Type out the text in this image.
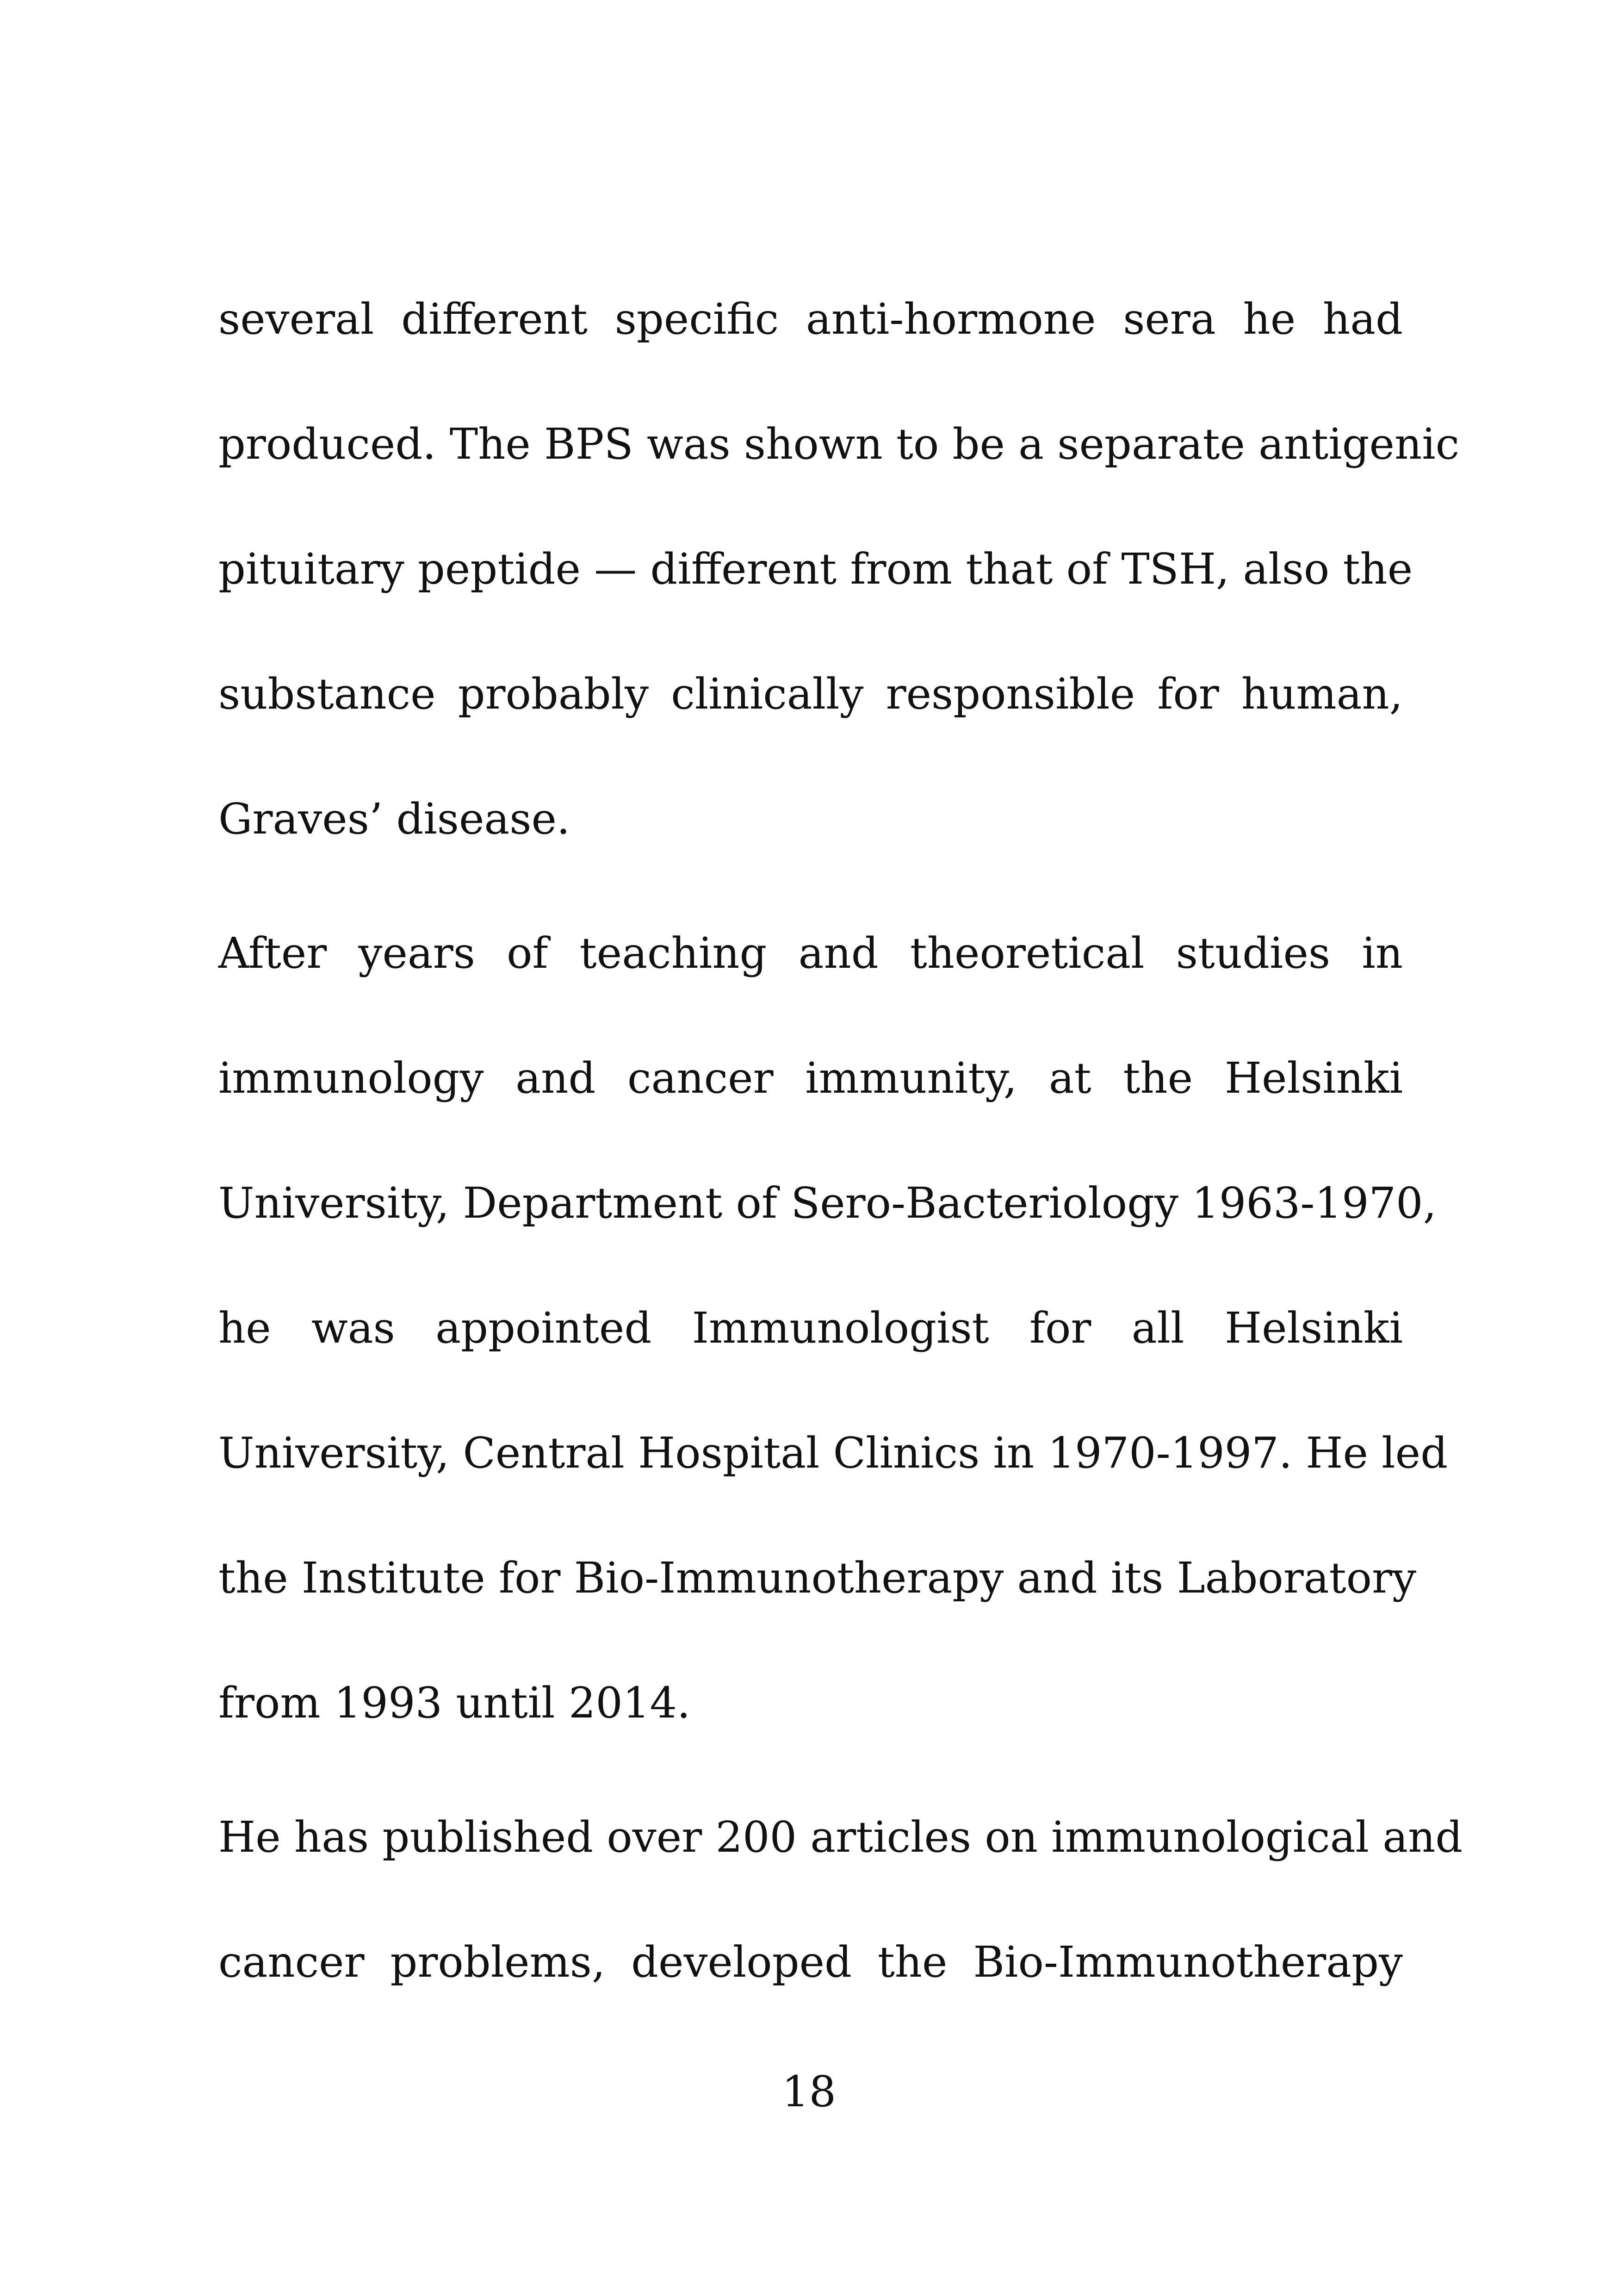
several different specific anti-hormone sera he had
produced. The BPS was shown to be a separate antigenic
pituitary peptide — different from that of TSH, also the
substance probably clinically responsible for human,
Graves’ disease.

After years of teaching and theoretical studies in
immunology and cancer immunity, at the Helsinki
University, Department of Sero-Bacteriology 1963-1970,
he was appointed Immunologist for all Helsinki
University, Central Hospital Clinics in 1970-1997. He led
the Institute for Bio-Immunotherapy and its Laboratory
from 1993 until 2014.

He has published over 200 articles on immunological and
cancer problems, developed the Bio-Immunotherapy

18
